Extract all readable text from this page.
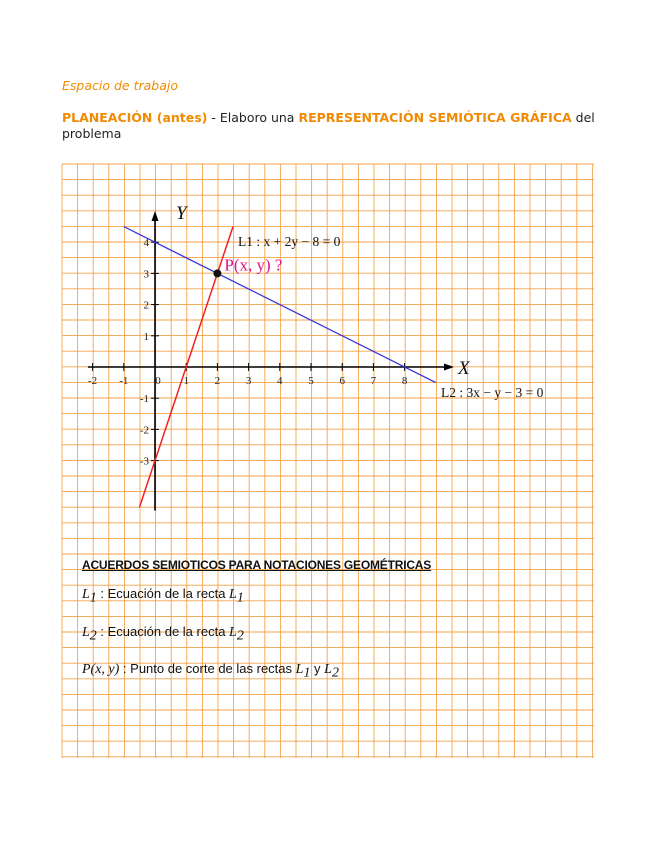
Espacio de trabajo

PLANEACIÓN (antes) - Elaboro una REPRESENTACIÓN SEMIÓTICA GRÁFICA del problema

X
Y
-2 -1 0 1 2 3 4 5 6 7 8
1
2
3
4
-1
-2
-3
L1 : x + 2y − 8 = 0
L2 : 3x − y − 3 = 0
P(x, y) ?

ACUERDOS SEMIOTICOS PARA NOTACIONES GEOMÉTRICAS

$L_1$ : Ecuación de la recta $L_1$

$L_2$ : Ecuación de la recta $L_2$

P(x, y) : Punto de corte de las rectas $L_1$ y $L_2$
